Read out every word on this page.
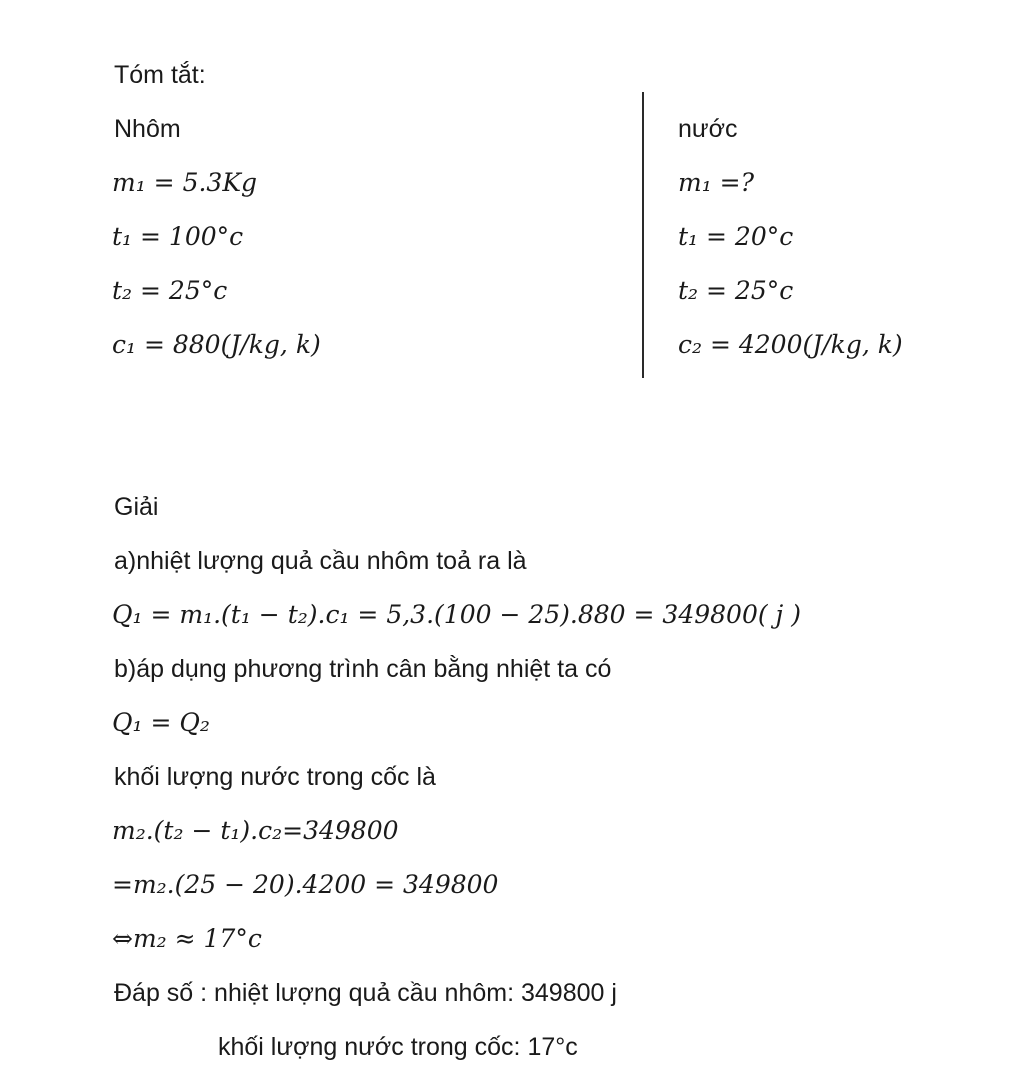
Tóm tắt:
Nhôm
m₁ = 5.3Kg
t₁ = 100°c
t₂ = 25°c
c₁ = 880(J/kg, k)
nước
m₁ =?
t₁ = 20°c
t₂ = 25°c
c₂ = 4200(J/kg, k)
Giải
a)nhiệt lượng quả cầu nhôm toả ra là
Q₁ = m₁.(t₁ − t₂).c₁ = 5,3.(100 − 25).880 = 349800( j )
b)áp dụng phương trình cân bằng nhiệt ta có
Q₁ = Q₂
khối lượng nước trong cốc là
m₂.(t₂ − t₁).c₂=349800
=m₂.(25 − 20).4200 = 349800
⇔m₂ ≈ 17°c
Đáp số : nhiệt lượng quả cầu nhôm: 349800 j
khối lượng nước trong cốc: 17°c
